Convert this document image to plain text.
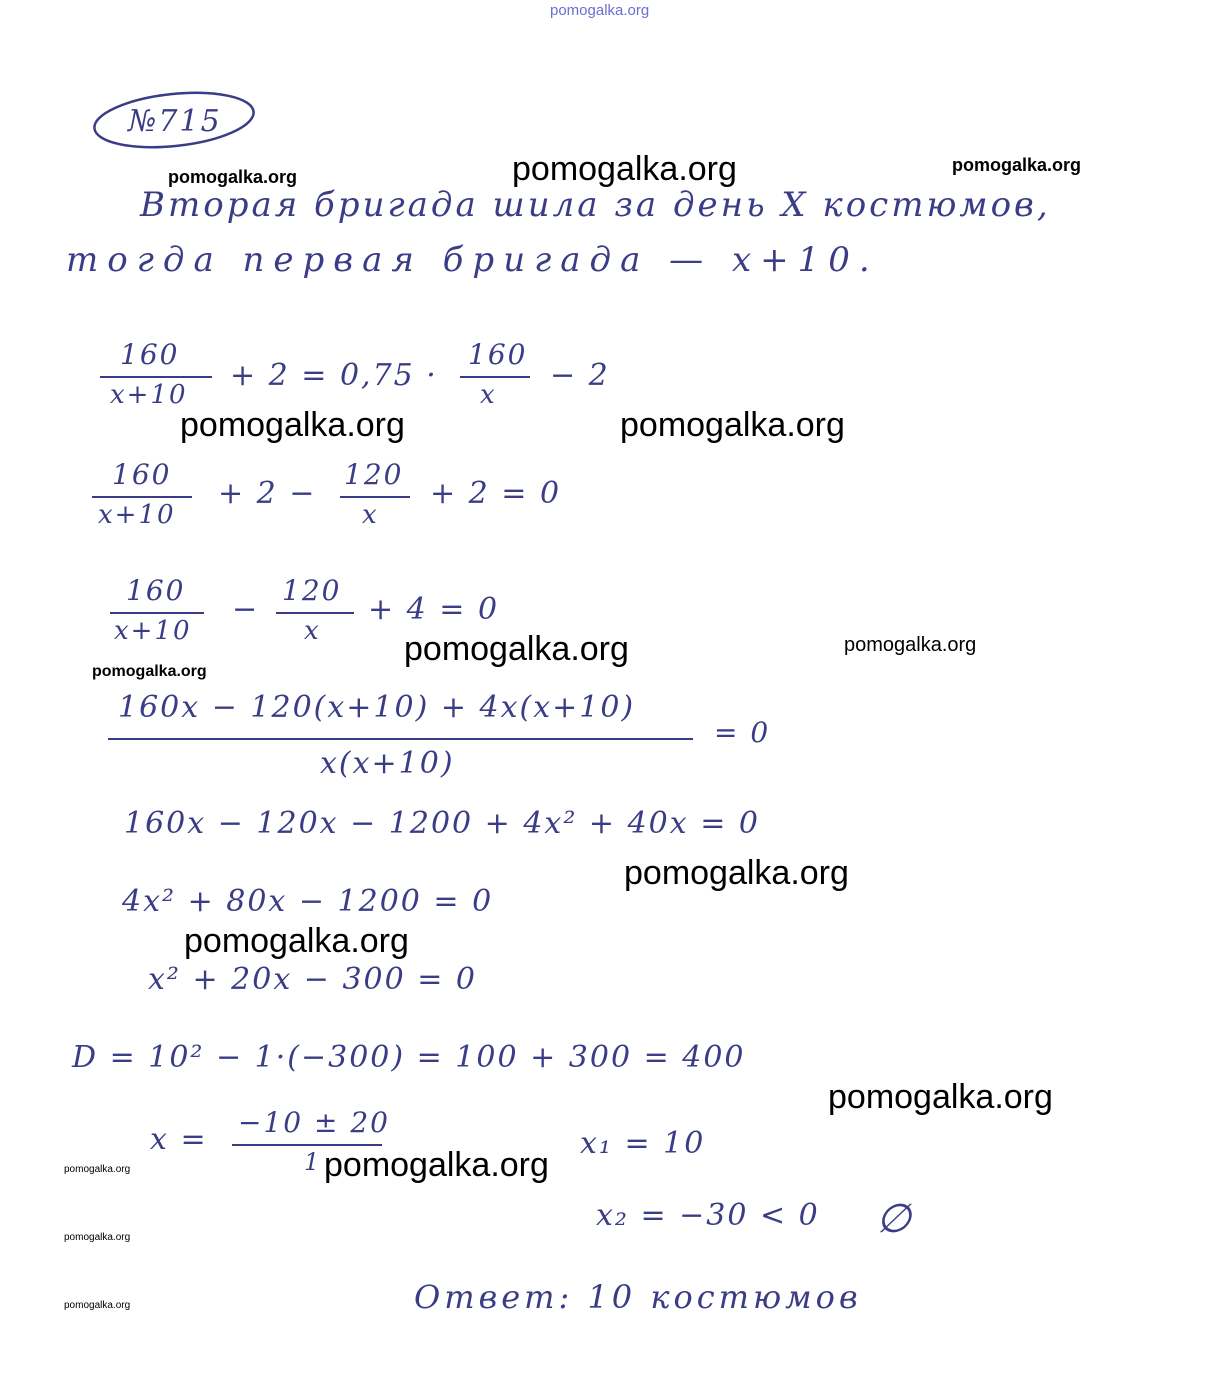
pomogalka.org
№715
Вторая бригада шила за день X костюмов,
тогда первая бригада — x+10.
160
x+10
+ 2 = 0,75 ·
160
x
− 2
160
x+10
+ 2 −
120
x
+ 2 = 0
160
x+10
−
120
x
+ 4 = 0
160x − 120(x+10) + 4x(x+10)
x(x+10)
= 0
160x − 120x − 1200 + 4x² + 40x = 0
4x² + 80x − 1200 = 0
x² + 20x − 300 = 0
D = 10² − 1·(−300) = 100 + 300 = 400
x = −10 ± 20
1
x₁ = 10
x₂ = −30 < 0 ∅
Ответ: 10 костюмов
pomogalka.org	pomogalka.org	pomogalka.org
pomogalka.org	pomogalka.org
pomogalka.org	pomogalka.org
pomogalka.org
pomogalka.org
pomogalka.org
pomogalka.org
pomogalka.org
pomogalka.org
pomogalka.org
pomogalka.org
